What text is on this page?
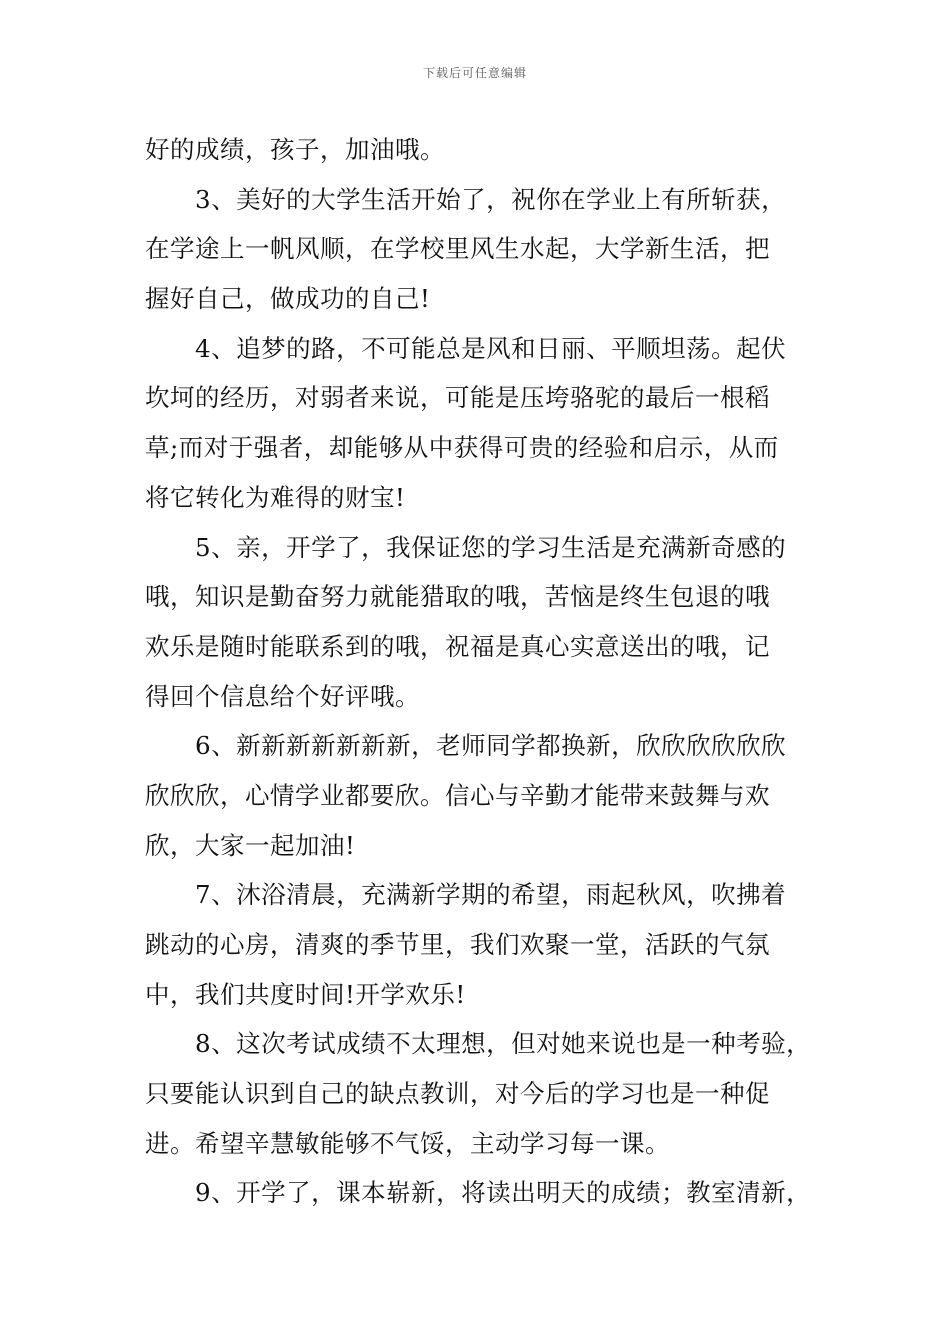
下载后可任意编辑
好的成绩，孩子，加油哦。
3、美好的大学生活开始了，祝你在学业上有所斩获，
在学途上一帆风顺，在学校里风生水起，大学新生活，把
握好自己，做成功的自己!
4、追梦的路，不可能总是风和日丽、平顺坦荡。起伏
坎坷的经历，对弱者来说，可能是压垮骆驼的最后一根稻
草;而对于强者，却能够从中获得可贵的经验和启示，从而
将它转化为难得的财宝!
5、亲，开学了，我保证您的学习生活是充满新奇感的
哦，知识是勤奋努力就能猎取的哦，苦恼是终生包退的哦
欢乐是随时能联系到的哦，祝福是真心实意送出的哦，记
得回个信息给个好评哦。
6、新新新新新新新，老师同学都换新，欣欣欣欣欣欣
欣欣欣，心情学业都要欣。信心与辛勤才能带来鼓舞与欢
欣，大家一起加油!
7、沐浴清晨，充满新学期的希望，雨起秋风，吹拂着
跳动的心房，清爽的季节里，我们欢聚一堂，活跃的气氛
中，我们共度时间!开学欢乐!
8、这次考试成绩不太理想，但对她来说也是一种考验，
只要能认识到自己的缺点教训，对今后的学习也是一种促
进。希望辛慧敏能够不气馁，主动学习每一课。
9、开学了，课本崭新，将读出明天的成绩；教室清新，
